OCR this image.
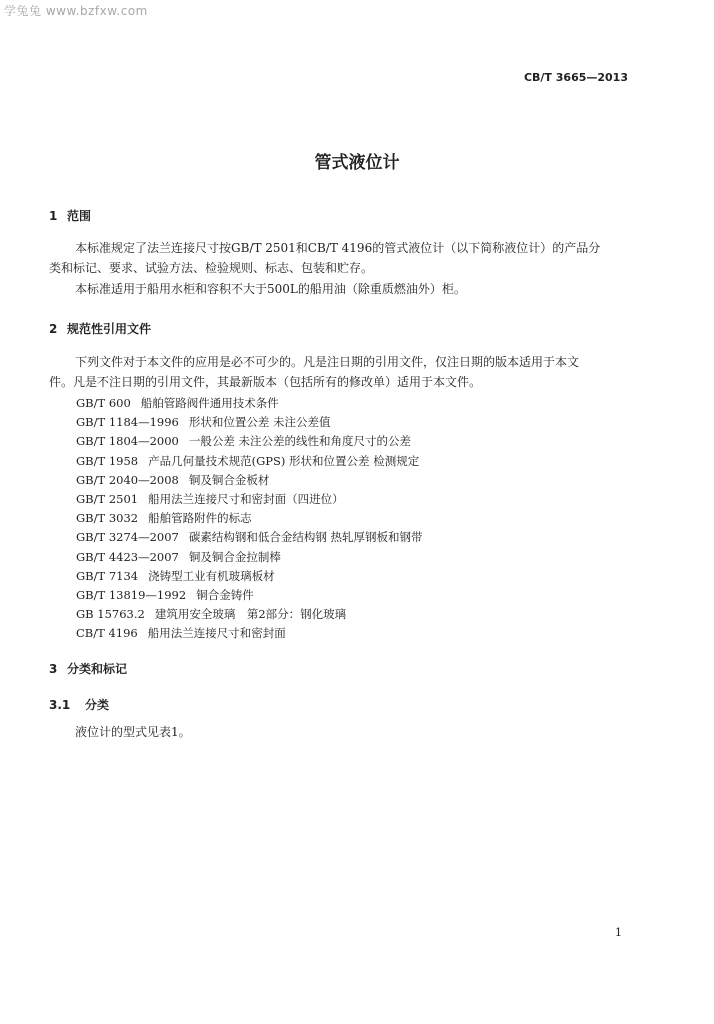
学兔兔 www.bzfxw.com
CB/T 3665—2013
管式液位计
1 范围
本标准规定了法兰连接尺寸按GB/T 2501和CB/T 4196的管式液位计（以下简称液位计）的产品分
类和标记、要求、试验方法、检验规则、标志、包装和贮存。
本标准适用于船用水柜和容积不大于500L的船用油（除重质燃油外）柜。
2 规范性引用文件
下列文件对于本文件的应用是必不可少的。凡是注日期的引用文件，仅注日期的版本适用于本文
件。凡是不注日期的引用文件，其最新版本（包括所有的修改单）适用于本文件。
GB/T 600 船舶管路阀件通用技术条件
GB/T 1184—1996 形状和位置公差 未注公差值
GB/T 1804—2000 一般公差 未注公差的线性和角度尺寸的公差
GB/T 1958 产品几何量技术规范(GPS) 形状和位置公差 检测规定
GB/T 2040—2008 铜及铜合金板材
GB/T 2501 船用法兰连接尺寸和密封面（四进位）
GB/T 3032 船舶管路附件的标志
GB/T 3274—2007 碳素结构钢和低合金结构钢 热轧厚钢板和钢带
GB/T 4423—2007 铜及铜合金拉制棒
GB/T 7134 浇铸型工业有机玻璃板材
GB/T 13819—1992 铜合金铸件
GB 15763.2 建筑用安全玻璃　第2部分：钢化玻璃
CB/T 4196 船用法兰连接尺寸和密封面
3 分类和标记
3.1 分类
液位计的型式见表1。
1
